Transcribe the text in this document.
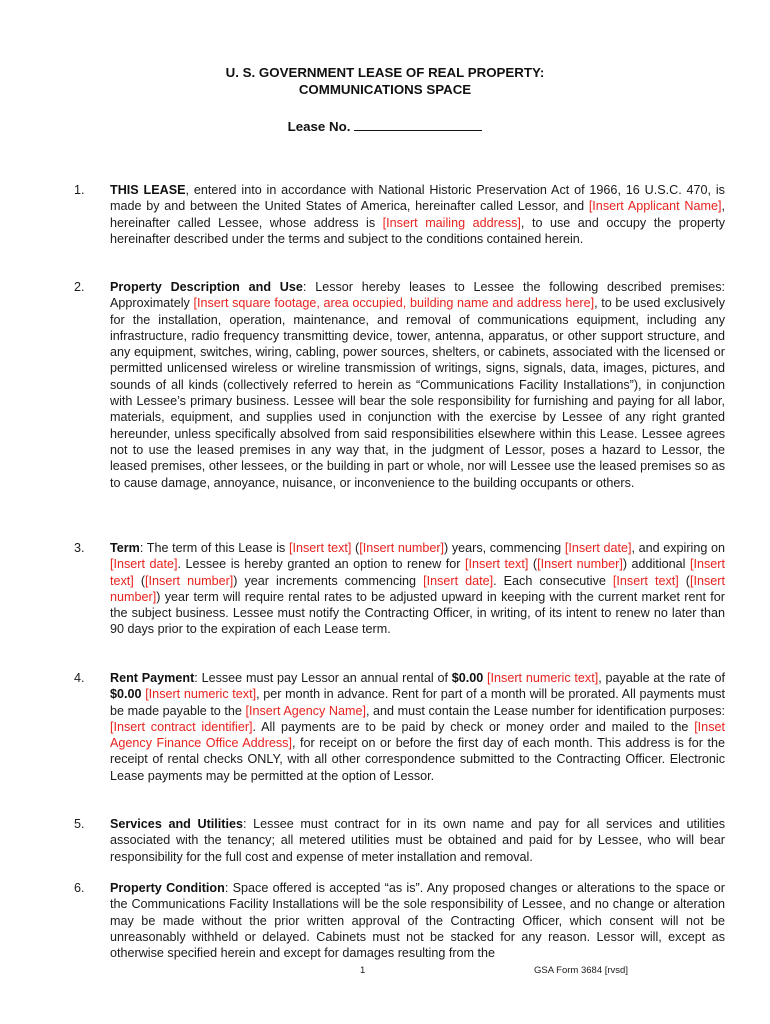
U. S. GOVERNMENT LEASE OF REAL PROPERTY:
COMMUNICATIONS SPACE
Lease No.
1. THIS LEASE, entered into in accordance with National Historic Preservation Act of 1966, 16 U.S.C. 470, is made by and between the United States of America, hereinafter called Lessor, and [Insert Applicant Name], hereinafter called Lessee, whose address is [Insert mailing address], to use and occupy the property hereinafter described under the terms and subject to the conditions contained herein.
2. Property Description and Use: Lessor hereby leases to Lessee the following described premises: Approximately [Insert square footage, area occupied, building name and address here], to be used exclusively for the installation, operation, maintenance, and removal of communications equipment, including any infrastructure, radio frequency transmitting device, tower, antenna, apparatus, or other support structure, and any equipment, switches, wiring, cabling, power sources, shelters, or cabinets, associated with the licensed or permitted unlicensed wireless or wireline transmission of writings, signs, signals, data, images, pictures, and sounds of all kinds (collectively referred to herein as “Communications Facility Installations”), in conjunction with Lessee’s primary business. Lessee will bear the sole responsibility for furnishing and paying for all labor, materials, equipment, and supplies used in conjunction with the exercise by Lessee of any right granted hereunder, unless specifically absolved from said responsibilities elsewhere within this Lease. Lessee agrees not to use the leased premises in any way that, in the judgment of Lessor, poses a hazard to Lessor, the leased premises, other lessees, or the building in part or whole, nor will Lessee use the leased premises so as to cause damage, annoyance, nuisance, or inconvenience to the building occupants or others.
3. Term: The term of this Lease is [Insert text] ([Insert number]) years, commencing [Insert date], and expiring on [Insert date]. Lessee is hereby granted an option to renew for [Insert text] ([Insert number]) additional [Insert text] ([Insert number]) year increments commencing [Insert date]. Each consecutive [Insert text] ([Insert number]) year term will require rental rates to be adjusted upward in keeping with the current market rent for the subject business. Lessee must notify the Contracting Officer, in writing, of its intent to renew no later than 90 days prior to the expiration of each Lease term.
4. Rent Payment: Lessee must pay Lessor an annual rental of $0.00 [Insert numeric text], payable at the rate of $0.00 [Insert numeric text], per month in advance. Rent for part of a month will be prorated. All payments must be made payable to the [Insert Agency Name], and must contain the Lease number for identification purposes: [Insert contract identifier]. All payments are to be paid by check or money order and mailed to the [Inset Agency Finance Office Address], for receipt on or before the first day of each month. This address is for the receipt of rental checks ONLY, with all other correspondence submitted to the Contracting Officer. Electronic Lease payments may be permitted at the option of Lessor.
5. Services and Utilities: Lessee must contract for in its own name and pay for all services and utilities associated with the tenancy; all metered utilities must be obtained and paid for by Lessee, who will bear responsibility for the full cost and expense of meter installation and removal.
6. Property Condition: Space offered is accepted “as is”. Any proposed changes or alterations to the space or the Communications Facility Installations will be the sole responsibility of Lessee, and no change or alteration may be made without the prior written approval of the Contracting Officer, which consent will not be unreasonably withheld or delayed. Cabinets must not be stacked for any reason. Lessor will, except as otherwise specified herein and except for damages resulting from the
1	GSA Form 3684 [rvsd]
